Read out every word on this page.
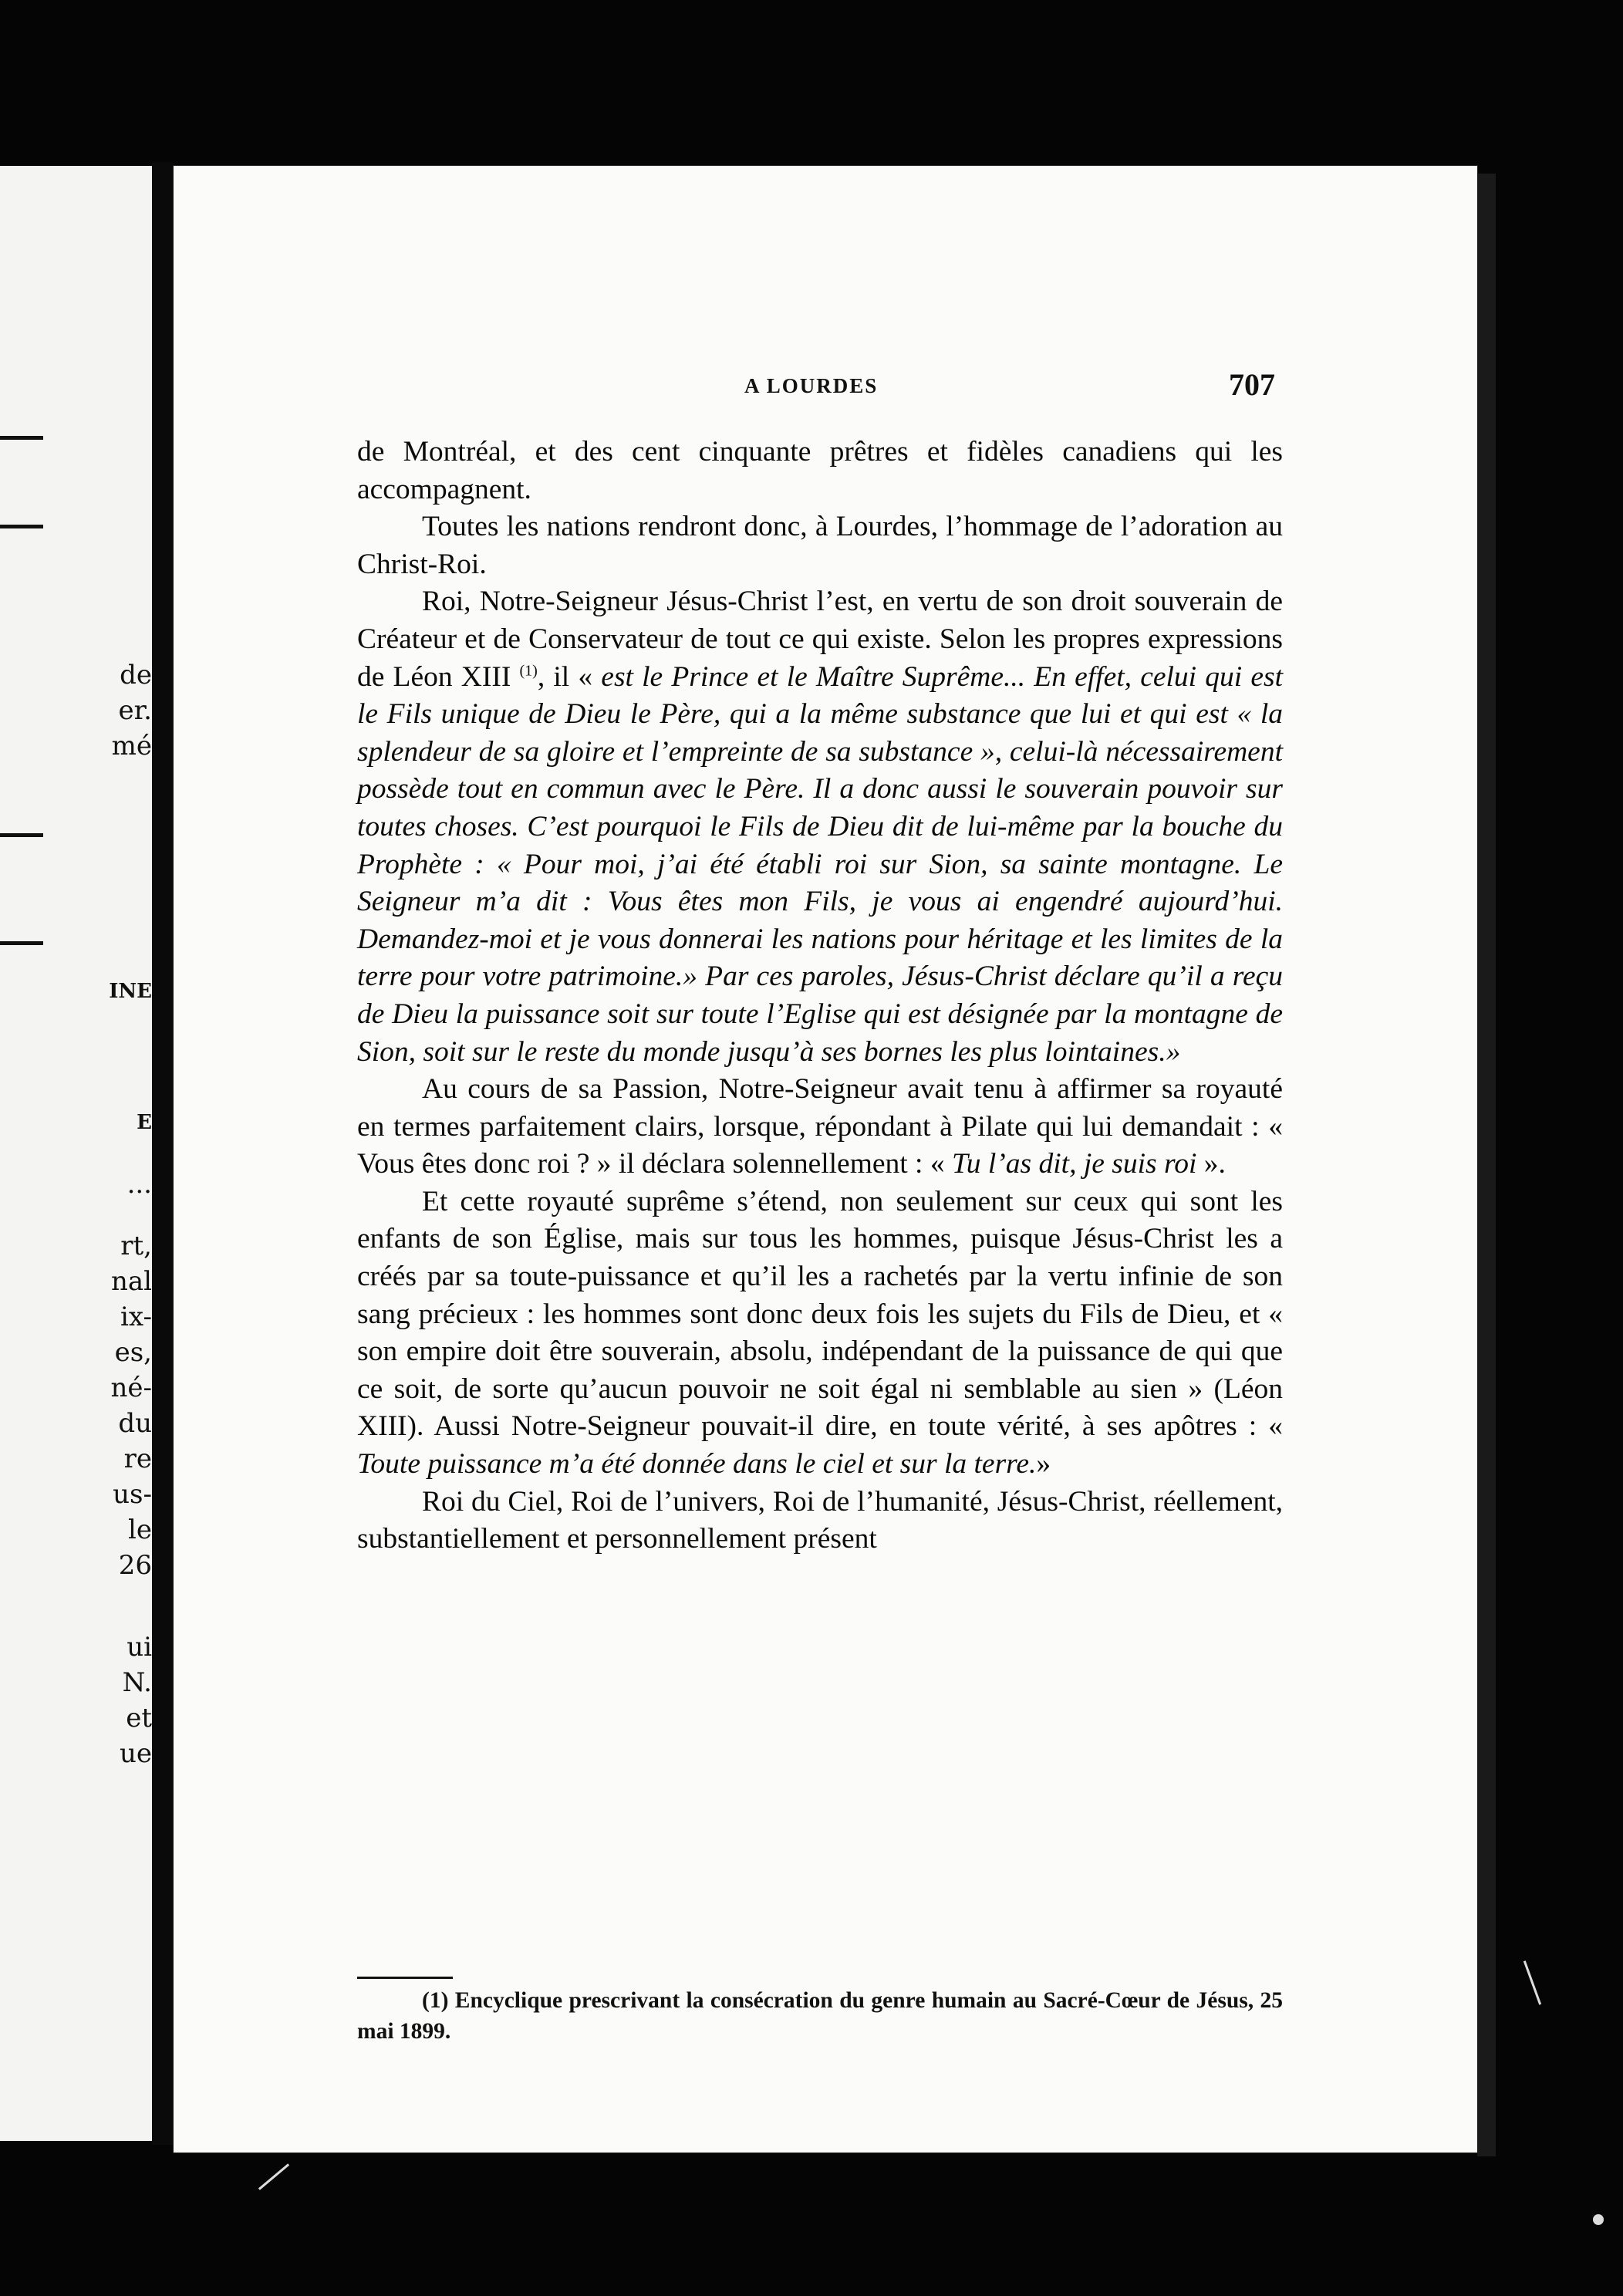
de
er.
mé
INE
E
...
rt,
nal
ix-
es,
né-
du
re
us-
le
26
ui
N.
et
ue
A LOURDES	707

de Montréal, et des cent cinquante prêtres et fidèles canadiens qui les accompagnent.

Toutes les nations rendront donc, à Lourdes, l’hommage de l’adoration au Christ-Roi.

Roi, Notre-Seigneur Jésus-Christ l’est, en vertu de son droit souverain de Créateur et de Conservateur de tout ce qui existe. Selon les propres expressions de Léon XIII $^{(1)}$, il « est le Prince et le Maître Suprême... En effet, celui qui est le Fils unique de Dieu le Père, qui a la même substance que lui et qui est « la splendeur de sa gloire et l’empreinte de sa substance », celui-là nécessairement possède tout en commun avec le Père. Il a donc aussi le souverain pouvoir sur toutes choses. C’est pourquoi le Fils de Dieu dit de lui-même par la bouche du Prophète : « Pour moi, j’ai été établi roi sur Sion, sa sainte montagne. Le Seigneur m’a dit : Vous êtes mon Fils, je vous ai engendré aujourd’hui. Demandez-moi et je vous donnerai les nations pour héritage et les limites de la terre pour votre patrimoine.» Par ces paroles, Jésus-Christ déclare qu’il a reçu de Dieu la puissance soit sur toute l’Eglise qui est désignée par la montagne de Sion, soit sur le reste du monde jusqu’à ses bornes les plus lointaines.»

Au cours de sa Passion, Notre-Seigneur avait tenu à affirmer sa royauté en termes parfaitement clairs, lorsque, répondant à Pilate qui lui demandait : « Vous êtes donc roi ? » il déclara solennellement : « Tu l’as dit, je suis roi ».

Et cette royauté suprême s’étend, non seulement sur ceux qui sont les enfants de son Église, mais sur tous les hommes, puisque Jésus-Christ les a créés par sa toute-puissance et qu’il les a rachetés par la vertu infinie de son sang précieux : les hommes sont donc deux fois les sujets du Fils de Dieu, et « son empire doit être souverain, absolu, indépendant de la puissance de qui que ce soit, de sorte qu’aucun pouvoir ne soit égal ni semblable au sien » (Léon XIII). Aussi Notre-Seigneur pouvait-il dire, en toute vérité, à ses apôtres : « Toute puissance m’a été donnée dans le ciel et sur la terre.»

Roi du Ciel, Roi de l’univers, Roi de l’humanité, Jésus-Christ, réellement, substantiellement et personnellement présent

(1) Encyclique prescrivant la consécration du genre humain au Sacré-Cœur de Jésus, 25 mai 1899.
